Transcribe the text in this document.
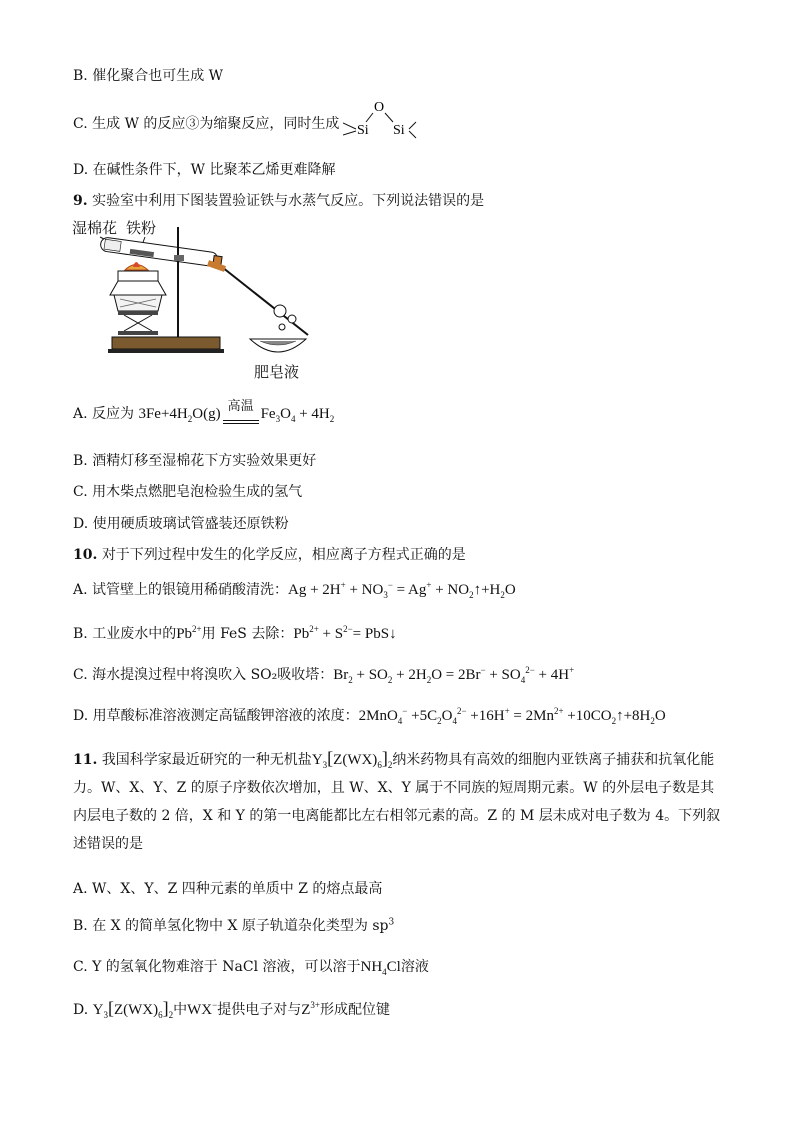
B. 催化聚合也可生成 W
C. 生成 W 的反应③为缩聚反应，同时生成
O
Si Si
D. 在碱性条件下，W 比聚苯乙烯更难降解
9. 实验室中利用下图装置验证铁与水蒸气反应。下列说法错误的是
湿棉花 铁粉
肥皂液
A. 反应为 $3Fe+4H_2O(g)$ 高温 $Fe_3O_4 + 4H_2$
B. 酒精灯移至湿棉花下方实验效果更好
C. 用木柴点燃肥皂泡检验生成的氢气
D. 使用硬质玻璃试管盛装还原铁粉
10. 对于下列过程中发生的化学反应，相应离子方程式正确的是
A. 试管壁上的银镜用稀硝酸清洗：$Ag + 2H^+ + NO_3^- = Ag^+$ + $NO_2↑+H_2O$
B. 工业废水中的$Pb^{2+}$用 FeS 去除：$Pb^{2+} + S^{2-}=$ PbS↓
C. 海水提溴过程中将溴吹入 SO₂吸收塔：$Br_2 + SO_2 + 2H_2O = 2Br^- + SO_4^{2-} + 4H^+$
D. 用草酸标准溶液测定高锰酸钾溶液的浓度：$2MnO_4^- +5C_2O_4^{2-} +16H^+ = 2Mn^{2+}$ $+10CO_2↑+8H_2O$
11. 我国科学家最近研究的一种无机盐$Y_3[Z(WX)_6]_2$纳米药物具有高效的细胞内亚铁离子捕获和抗氧化能力。W、X、Y、Z 的原子序数依次增加，且 W、X、Y 属于不同族的短周期元素。W 的外层电子数是其内层电子数的 2 倍，X 和 Y 的第一电离能都比左右相邻元素的高。Z 的 M 层未成对电子数为 4。下列叙述错误的是
A. W、X、Y、Z 四种元素的单质中 Z 的熔点最高
B. 在 X 的简单氢化物中 X 原子轨道杂化类型为 $sp^3$
C. Y 的氢氧化物难溶于 NaCl 溶液，可以溶于$NH_4Cl$溶液
D. $Y_3[Z(WX)_6]_2$中WX−提供电子对与$Z^{3+}$形成配位键
